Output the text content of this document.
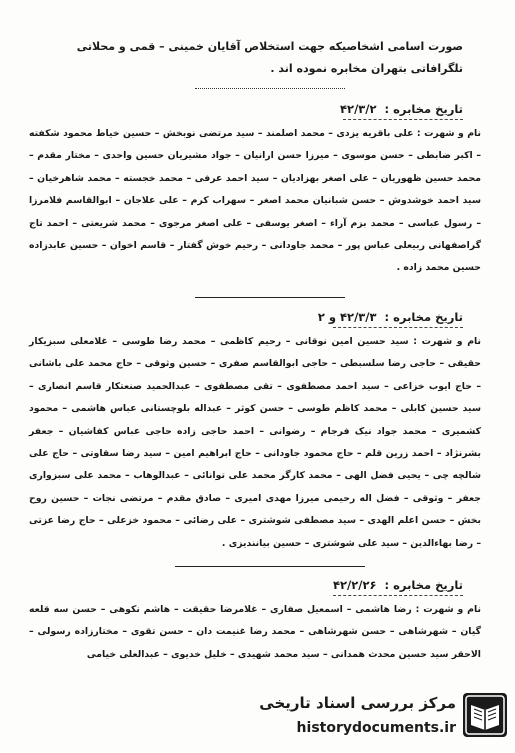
صورت اسامی اشخاصیکه جهت استخلاص آقایان خمینی – قمی و محلاتی تلگرافاتی بتهران مخابره نموده اند .
تاریخ مخابره : ۴۲/۳/۲
نام و شهرت : علی باقریه یزدی – محمد اصلمند – سید مرتضی نوبخش – حسین خیاط محمود شکفته – اکبر ضابطی – حسن موسوی – میرزا حسن ارانیان – جواد مشیریان حسین واحدی – مختار مقدم – محمد حسین ظهوریان – علی اصغر بهزادیان – سید احمد عرفی – محمد خجسته – محمد شاهرخیان – سید احمد خوشدوش – حسن شبانیان محمد اصغر – سهراب کرم – علی علاجان – ابوالقاسم فلامرزا – رسول عباسی – محمد بزم آراء – اصغر یوسفی – علی اصغر مرجوی – محمد شریعتی – احمد تاج گراصفهانی ربیعلی عباس پور – محمد جاودانی – رحیم خوش گفتار – قاسم اخوان – حسین عابدزاده حسین محمد زاده .
تاریخ مخابره : ۴۲/۳/۳ و ۲
نام و شهرت : سید حسین امین نوقانی – رحیم کاظمی – محمد رضا طوسی – غلامعلی سبزیکار حقیقی – حاجی رضا سلسبطی – حاجی ابوالقاسم صفری – حسین وثوقی – حاج محمد علی باشانی – حاج ایوب خزاعی – سید احمد مصطفوی – تقی مصطفوی – عبدالحمید صنعتکار قاسم انصاری – سید حسین کابلی – محمد کاظم طوسی – حسن کوثر – عبداله بلوچستانی عباس هاشمی – محمود کشمیری – محمد جواد نیک فرجام – رضوانی – احمد حاجی زاده حاجی عباس کفاشیان – جعفر بشرنژاد – احمد زرین قلم – حاج محمود جاودانی – حاج ابراهیم امین – سید رضا سقاوتی – حاج علی شالچه چی – یحیی فضل الهی – محمد کارگر محمد علی توانائی – عبدالوهاب – محمد علی سبزواری جعفر – وثوقی – فضل اله رحیمی میرزا مهدی امیری – صادق مقدم – مرتضی نجات – حسین روح بخش – حسن اعلم الهدی – سید مصطفی شوشتری – علی رضائی – محمود خزعلی – حاج رضا عزتی – رضا بهاءالدین – سید علی شوشتری – حسین بیانندیزی .
تاریخ مخابره : ۴۲/۲/۲۶
نام و شهرت : رضا هاشمی – اسمعیل صفاری – غلامرضا حقیقت – هاشم نکوهی – حسن سه قلعه گیان – شهرشاهی – حسن شهرشاهی – محمد رضا غنیمت دان – حسن تقوی – مختارزاده رسولی – الاحقر سید حسین محدث همدانی – سید محمد شهیدی – خلیل خدیوی – عبدالعلی خیامی
مرکز بررسی اسناد تاریخی
historydocuments.ir
